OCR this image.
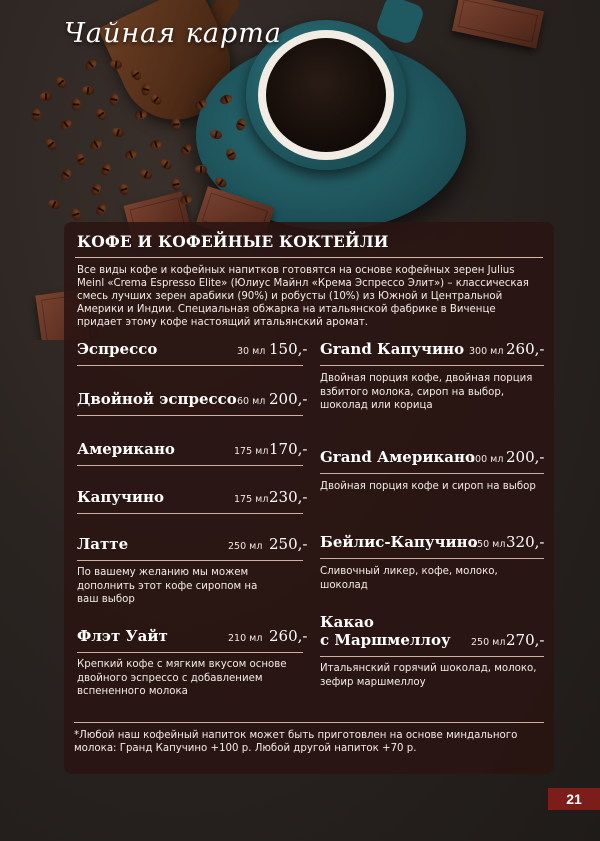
Чайная карта
КОФЕ И КОФЕЙНЫЕ КОКТЕЙЛИ
Все виды кофе и кофейных напитков готовятся на основе кофейных зерен Julius Meinl «Crema Espresso Elite» (Юлиус Майнл «Крема Эспрессо Элит») – классическая смесь лучших зерен арабики (90%) и робусты (10%) из Южной и Центральной Америки и Индии. Специальная обжарка на итальянской фабрике в Виченце придает этому кофе настоящий итальянский аромат.
Эспрессо	30 мл 150,-
Двойной эспрессо 60 мл 200,-
Американо	175 мл 170,-
Капучино	175 мл 230,-
Латте	250 мл 250,-
По вашему желанию мы можем дополнить этот кофе сиропом на ваш выбор
Флэт Уайт	210 мл 260,-
Крепкий кофе с мягким вкусом основе двойного эспрессо с добавлением вспененного молока
Grand Капучино 300 мл 260,-
Двойная порция кофе, двойная порция взбитого молока, сироп на выбор, шоколад или корица
Grand Американо
300 мл 200,-
Двойная порция кофе и сироп на выбор
Бейлис-Капучино
250 мл 320,-
Сливочный ликер, кофе, молоко, шоколад
Какао
с Маршмеллоу 250 мл 270,-
Итальянский горячий шоколад, молоко, зефир маршмеллоу
*Любой наш кофейный напиток может быть приготовлен на основе миндального молока: Гранд Капучино +100 р. Любой другой напиток +70 р.
21
